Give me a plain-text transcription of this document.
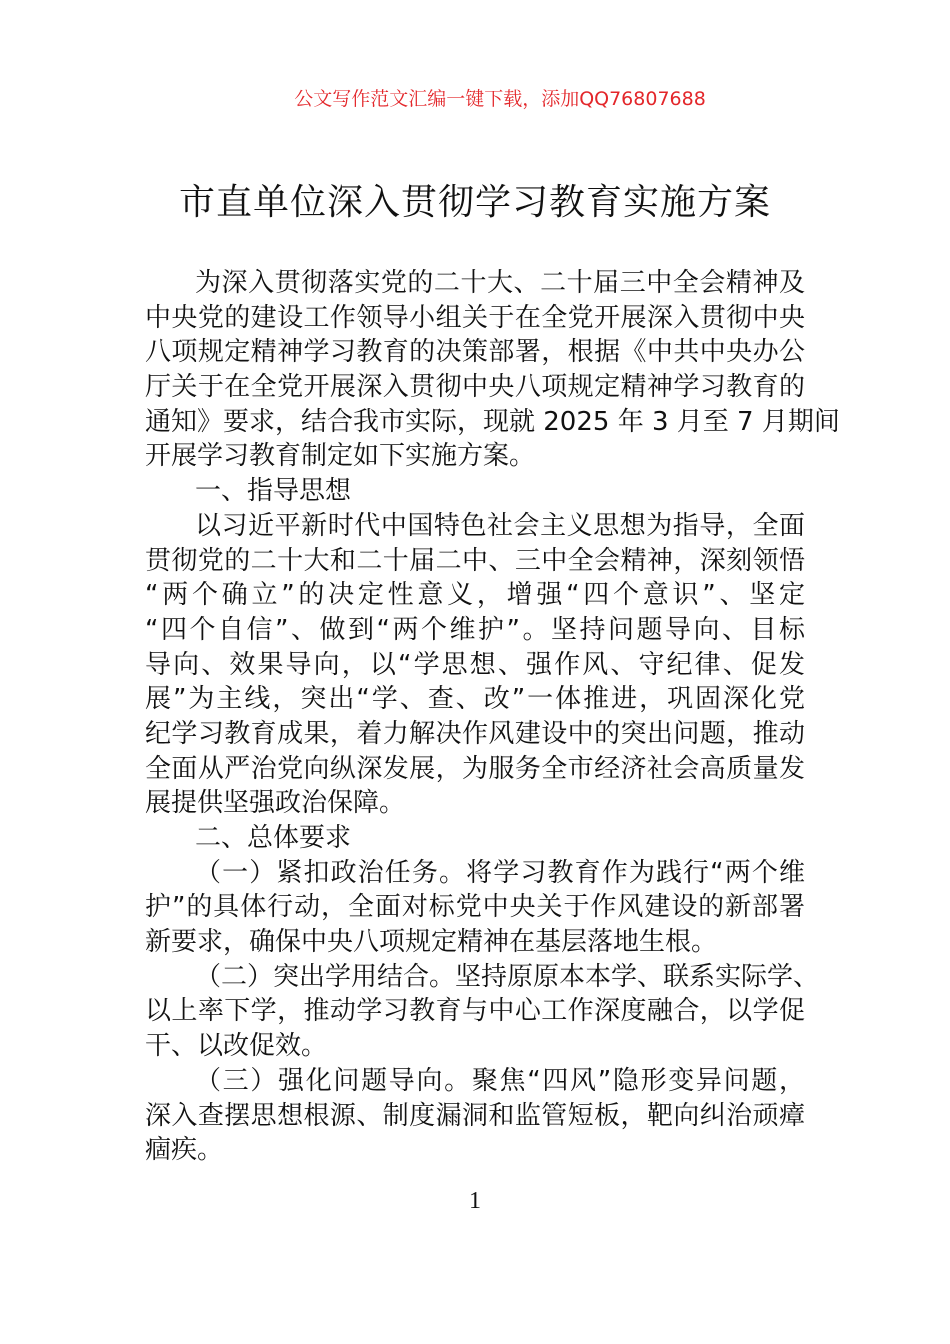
公文写作范文汇编一键下载，添加QQ76807688
市直单位深入贯彻学习教育实施方案
为深入贯彻落实党的二十大、二十届三中全会精神及
中央党的建设工作领导小组关于在全党开展深入贯彻中央
八项规定精神学习教育的决策部署，根据《中共中央办公
厅关于在全党开展深入贯彻中央八项规定精神学习教育的
通知》要求，结合我市实际，现就 2025 年 3 月至 7 月期间
开展学习教育制定如下实施方案。
一、指导思想
以习近平新时代中国特色社会主义思想为指导，全面
贯彻党的二十大和二十届二中、三中全会精神，深刻领悟
“两个确立”的决定性意义，增强“四个意识”、坚定
“四个自信”、做到“两个维护”。坚持问题导向、目标
导向、效果导向，以“学思想、强作风、守纪律、促发
展”为主线，突出“学、查、改”一体推进，巩固深化党
纪学习教育成果，着力解决作风建设中的突出问题，推动
全面从严治党向纵深发展，为服务全市经济社会高质量发
展提供坚强政治保障。
二、总体要求
（一）紧扣政治任务。将学习教育作为践行“两个维
护”的具体行动，全面对标党中央关于作风建设的新部署
新要求，确保中央八项规定精神在基层落地生根。
（二）突出学用结合。坚持原原本本学、联系实际学、
以上率下学，推动学习教育与中心工作深度融合，以学促
干、以改促效。
（三）强化问题导向。聚焦“四风”隐形变异问题，
深入查摆思想根源、制度漏洞和监管短板，靶向纠治顽瘴
痼疾。
1
